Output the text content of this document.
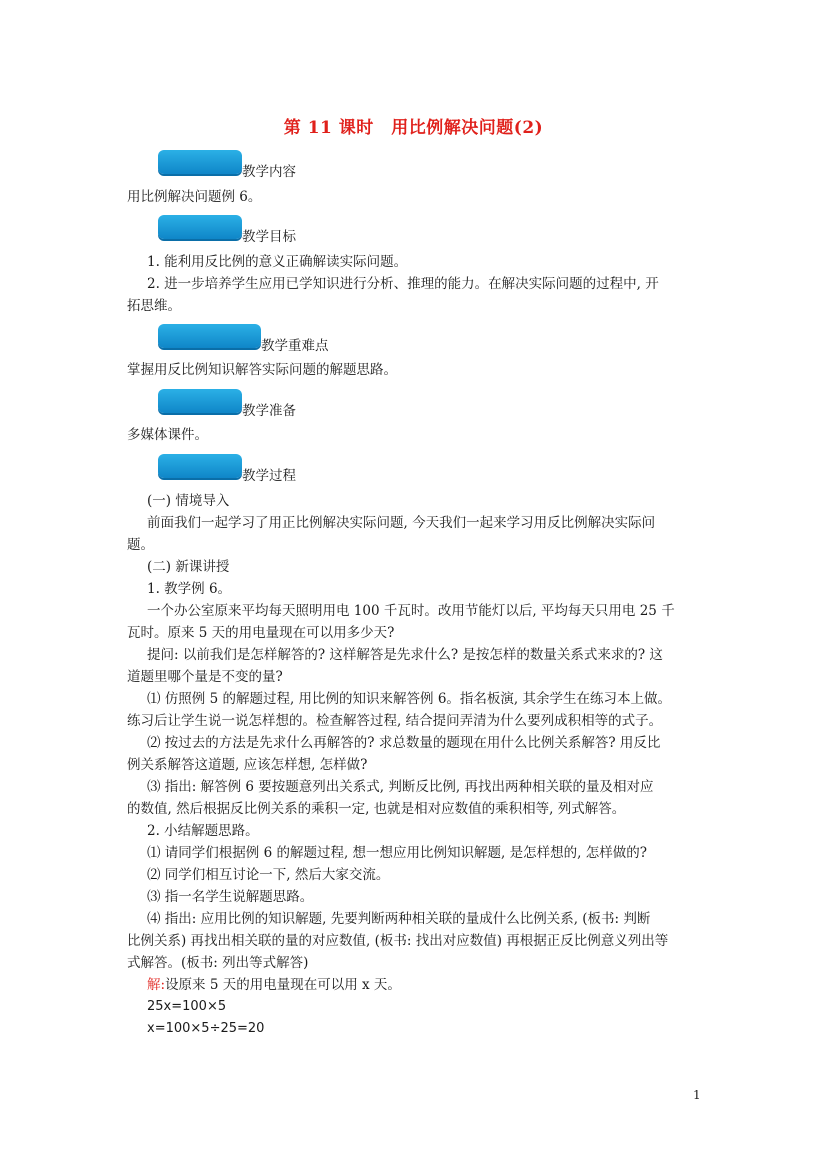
第 11 课时　用比例解决问题(2)
教学内容
用比例解决问题例 6。
教学目标
1. 能利用反比例的意义正确解读实际问题。
2. 进一步培养学生应用已学知识进行分析、推理的能力。在解决实际问题的过程中, 开
拓思维。
教学重难点
掌握用反比例知识解答实际问题的解题思路。
教学准备
多媒体课件。
教学过程
(一) 情境导入
前面我们一起学习了用正比例解决实际问题, 今天我们一起来学习用反比例解决实际问
题。
(二) 新课讲授
1. 教学例 6。
一个办公室原来平均每天照明用电 100 千瓦时。改用节能灯以后, 平均每天只用电 25 千
瓦时。原来 5 天的用电量现在可以用多少天?
提问: 以前我们是怎样解答的? 这样解答是先求什么? 是按怎样的数量关系式来求的? 这
道题里哪个量是不变的量?
⑴ 仿照例 5 的解题过程, 用比例的知识来解答例 6。指名板演, 其余学生在练习本上做。
练习后让学生说一说怎样想的。检查解答过程, 结合提问弄清为什么要列成积相等的式子。
⑵ 按过去的方法是先求什么再解答的? 求总数量的题现在用什么比例关系解答? 用反比
例关系解答这道题, 应该怎样想, 怎样做?
⑶ 指出: 解答例 6 要按题意列出关系式, 判断反比例, 再找出两种相关联的量及相对应
的数值, 然后根据反比例关系的乘积一定, 也就是相对应数值的乘积相等, 列式解答。
2. 小结解题思路。
⑴ 请同学们根据例 6 的解题过程, 想一想应用比例知识解题, 是怎样想的, 怎样做的?
⑵ 同学们相互讨论一下, 然后大家交流。
⑶ 指一名学生说解题思路。
⑷ 指出: 应用比例的知识解题, 先要判断两种相关联的量成什么比例关系, (板书: 判断
比例关系) 再找出相关联的量的对应数值, (板书: 找出对应数值) 再根据正反比例意义列出等
式解答。(板书: 列出等式解答)
解:设原来 5 天的用电量现在可以用 x 天。
25x=100×5
x=100×5÷25=20
1
